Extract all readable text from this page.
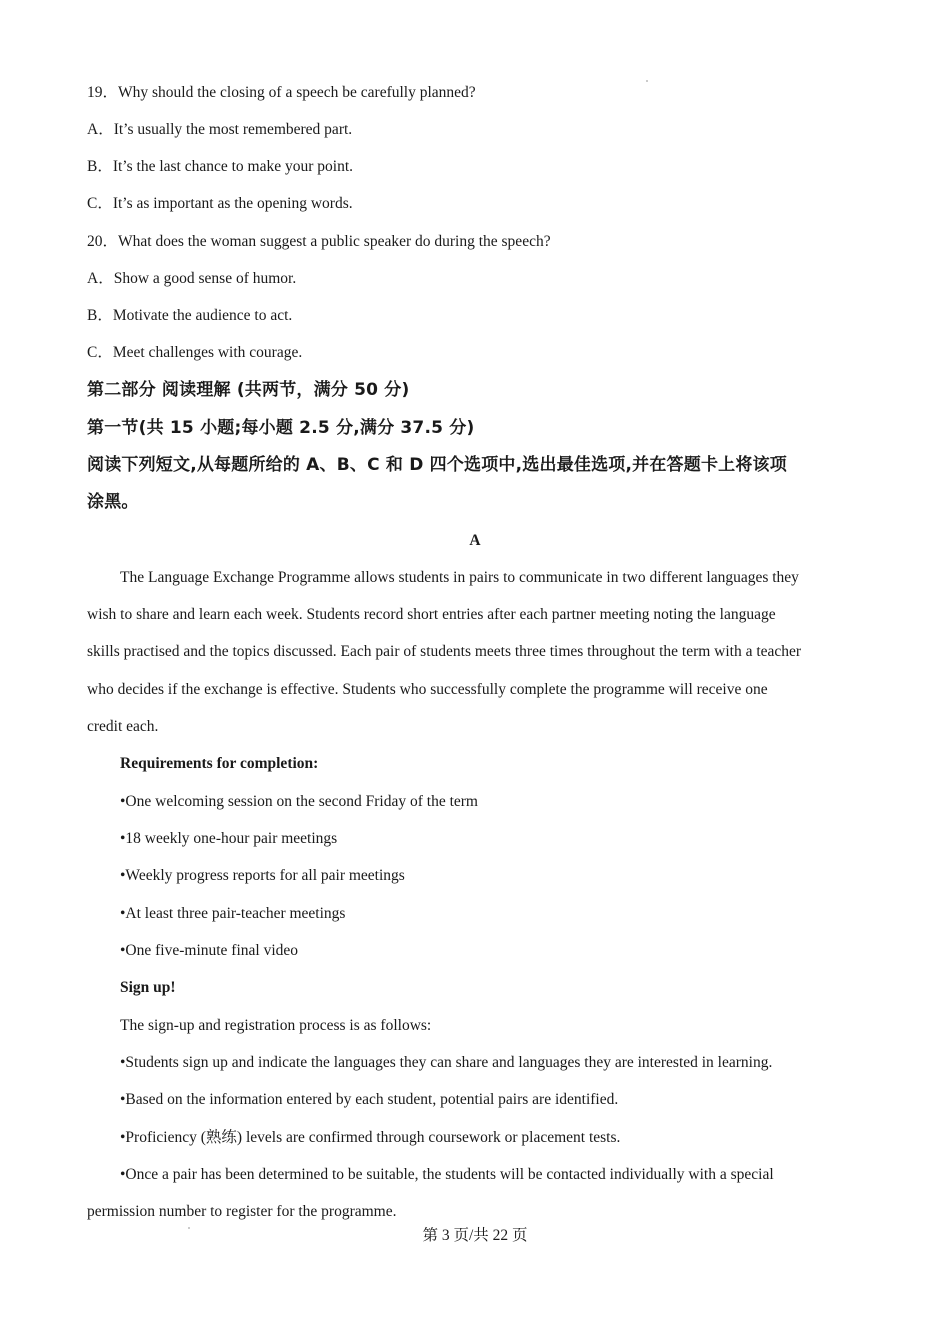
19．Why should the closing of a speech be carefully planned?
A．It’s usually the most remembered part.
B．It’s the last chance to make your point.
C．It’s as important as the opening words.
20．What does the woman suggest a public speaker do during the speech?
A．Show a good sense of humor.
B．Motivate the audience to act.
C．Meet challenges with courage.
第二部分 阅读理解 (共两节，满分 50 分)
第一节(共 15 小题;每小题 2.5 分,满分 37.5 分)
阅读下列短文,从每题所给的 A、B、C 和 D 四个选项中,选出最佳选项,并在答题卡上将该项
涂黑。
A
The Language Exchange Programme allows students in pairs to communicate in two different languages they
wish to share and learn each week. Students record short entries after each partner meeting noting the language
skills practised and the topics discussed. Each pair of students meets three times throughout the term with a teacher
who decides if the exchange is effective. Students who successfully complete the programme will receive one
credit each.
Requirements for completion:
•One welcoming session on the second Friday of the term
•18 weekly one-hour pair meetings
•Weekly progress reports for all pair meetings
•At least three pair-teacher meetings
•One five-minute final video
Sign up!
The sign-up and registration process is as follows:
•Students sign up and indicate the languages they can share and languages they are interested in learning.
•Based on the information entered by each student, potential pairs are identified.
•Proficiency (熟练) levels are confirmed through coursework or placement tests.
•Once a pair has been determined to be suitable, the students will be contacted individually with a special
permission number to register for the programme.
第 3 页/共 22 页
